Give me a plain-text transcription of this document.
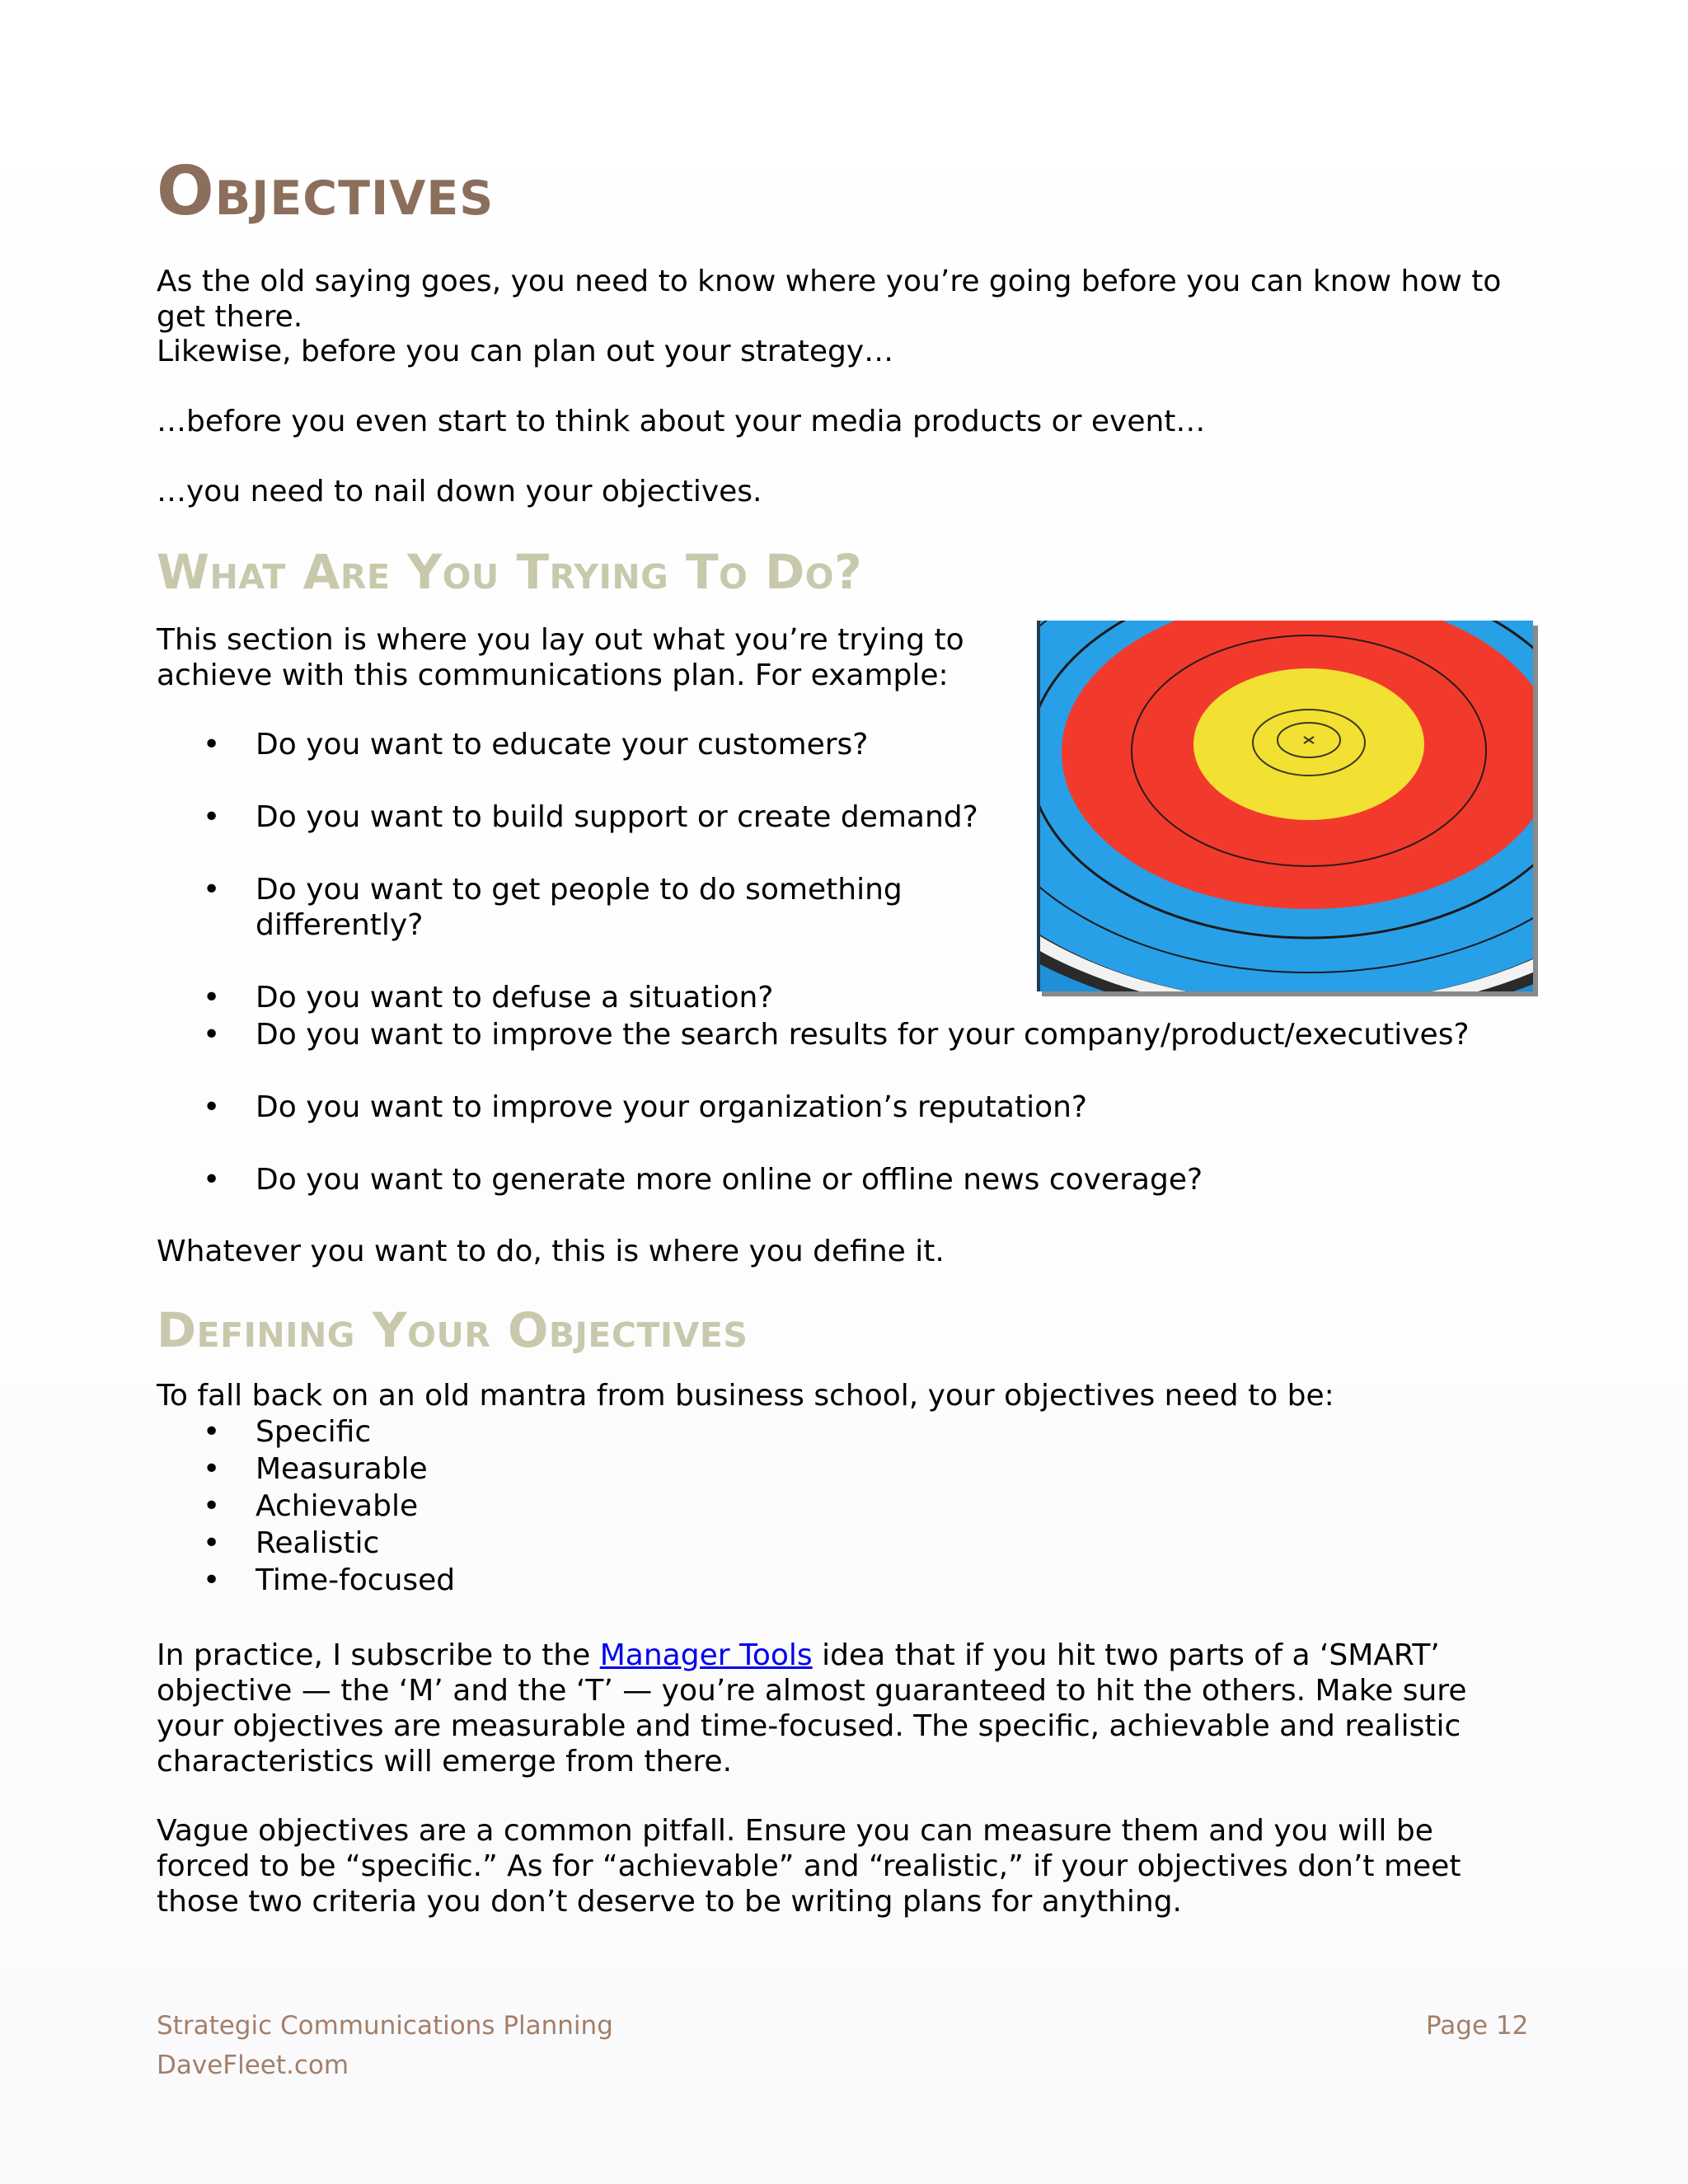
Objectives

As the old saying goes, you need to know where you’re going before you can know how to get there.

Likewise, before you can plan out your strategy…

…before you even start to think about your media products or event…

…you need to nail down your objectives.

What Are You Trying To Do?

This section is where you lay out what you’re trying to achieve with this communications plan. For example:

• Do you want to educate your customers?
• Do you want to build support or create demand?
• Do you want to get people to do something differently?
• Do you want to defuse a situation?
• Do you want to improve the search results for your company/product/executives?
• Do you want to improve your organization’s reputation?
• Do you want to generate more online or offline news coverage?

Whatever you want to do, this is where you define it.

Defining Your Objectives

To fall back on an old mantra from business school, your objectives need to be:

• Specific
• Measurable
• Achievable
• Realistic
• Time-focused

In practice, I subscribe to the Manager Tools idea that if you hit two parts of a ‘SMART’ objective — the ‘M’ and the ‘T’ — you’re almost guaranteed to hit the others. Make sure your objectives are measurable and time-focused. The specific, achievable and realistic characteristics will emerge from there.

Vague objectives are a common pitfall. Ensure you can measure them and you will be forced to be “specific.” As for “achievable” and “realistic,” if your objectives don’t meet those two criteria you don’t deserve to be writing plans for anything.

Strategic Communications Planning
DaveFleet.com
Page 12
